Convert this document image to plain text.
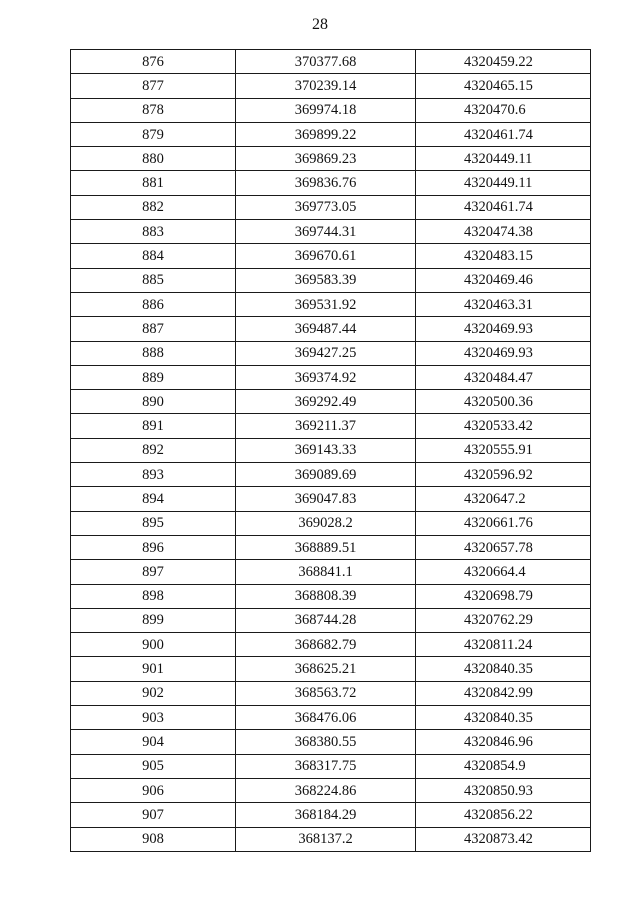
28
876	370377.68	4320459.22
877	370239.14	4320465.15
878	369974.18	4320470.6
879	369899.22	4320461.74
880	369869.23	4320449.11
881	369836.76	4320449.11
882	369773.05	4320461.74
883	369744.31	4320474.38
884	369670.61	4320483.15
885	369583.39	4320469.46
886	369531.92	4320463.31
887	369487.44	4320469.93
888	369427.25	4320469.93
889	369374.92	4320484.47
890	369292.49	4320500.36
891	369211.37	4320533.42
892	369143.33	4320555.91
893	369089.69	4320596.92
894	369047.83	4320647.2
895	369028.2	4320661.76
896	368889.51	4320657.78
897	368841.1	4320664.4
898	368808.39	4320698.79
899	368744.28	4320762.29
900	368682.79	4320811.24
901	368625.21	4320840.35
902	368563.72	4320842.99
903	368476.06	4320840.35
904	368380.55	4320846.96
905	368317.75	4320854.9
906	368224.86	4320850.93
907	368184.29	4320856.22
908	368137.2	4320873.42
